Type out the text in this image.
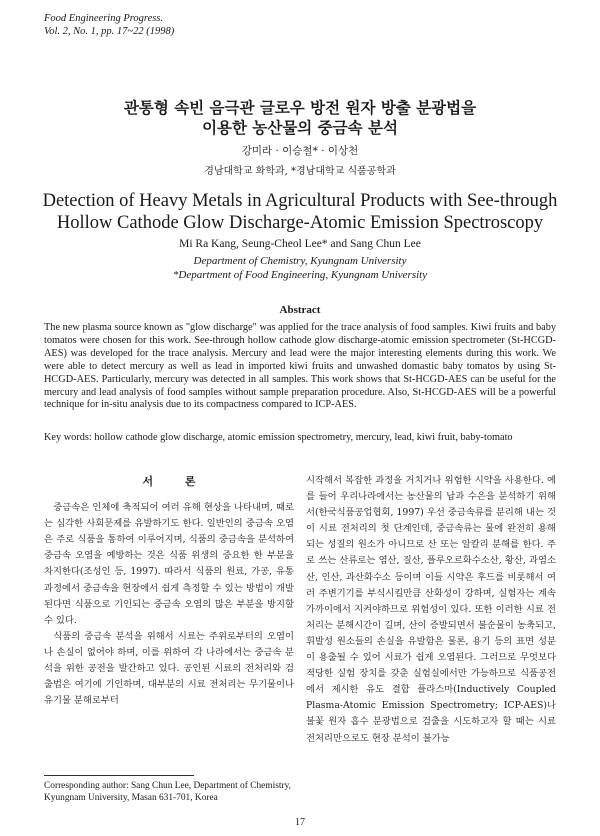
Food Engineering Progress.
Vol. 2, No. 1, pp. 17~22 (1998)
관통형 속빈 음극관 글로우 방전 원자 방출 분광법을
이용한 농산물의 중금속 분석
강미라 · 이승철* · 이상천
경남대학교 화학과, *경남대학교 식품공학과
Detection of Heavy Metals in Agricultural Products with See-through
Hollow Cathode Glow Discharge-Atomic Emission Spectroscopy
Mi Ra Kang, Seung-Cheol Lee* and Sang Chun Lee
Department of Chemistry, Kyungnam University
*Department of Food Engineering, Kyungnam University
Abstract

The new plasma source known as "glow discharge" was applied for the trace analysis of food samples. Kiwi fruits and baby tomatos were chosen for this work. See-through hollow cathode glow discharge-atomic emission spectrometer (St-HCGD-AES) was developed for the trace analysis. Mercury and lead were the major interesting elements during this work. We were able to detect mercury as well as lead in imported kiwi fruits and unwashed domastic baby tomatos by using St-HCGD-AES. Particularly, mercury was detected in all samples. This work shows that St-HCGD-AES can be useful for the mercury and lead analysis of food samples without sample preparation procedure. Also, St-HCGD-AES will be a powerful technique for in-situ analysis due to its compactness compared to ICP-AES.

Key words: hollow cathode glow discharge, atomic emission spectrometry, mercury, lead, kiwi fruit, baby-tomato
서 론

중금속은 인체에 축적되어 여러 유해 현상을 나타내며, 때로는 심각한 사회문제를 유발하기도 한다. 일반인의 중금속 오염은 주로 식품을 통하여 이루어지며, 식품의 중금속을 분석하여 중금속 오염을 예방하는 것은 식품 위생의 중요한 한 부분을 차지한다(조성인 등, 1997). 따라서 식품의 원료, 가공, 유통과정에서 중금속을 현장에서 쉽게 측정할 수 있는 방법이 개발된다면 식품으로 기인되는 중금속 오염의 많은 부분을 방지할 수 있다.

식품의 중금속 분석을 위해서 시료는 주위로부터의 오염이나 손실이 없어야 하며, 이를 위하여 각 나라에서는 중금속 분석을 위한 공전을 발간하고 있다. 공인된 시료의 전처리와 검출법은 여기에 기인하며, 대부분의 시료 전처리는 무기물이나 유기물 분해로부터

시작해서 복잡한 과정을 거치거나 위험한 시약을 사용한다. 예를 들어 우리나라에서는 농산물의 납과 수은을 분석하기 위해서(한국식품공업협회, 1997) 우선 중금속류를 분리해 내는 것이 시료 전처리의 첫 단계인데, 중금속류는 물에 완전히 용해되는 성질의 원소가 아니므로 산 또는 알칼리 분해를 한다. 주로 쓰는 산류로는 염산, 질산, 플루오르화수소산, 황산, 과염소산, 인산, 과산화수소 등이며 이들 시약은 후드를 비롯해서 여러 주변기기를 부식시킬만큼 산화성이 강하며, 실험자는 계속 가까이에서 지켜야하므로 위험성이 있다. 또한 이러한 시료 전처리는 분해시간이 길며, 산이 증발되면서 불순물이 농축되고, 휘발성 원소들의 손실을 유발함은 물론, 용기 등의 표면 성분이 용출될 수 있어 시료가 쉽게 오염된다. 그러므로 무엇보다 적당한 실험 장치를 갖춘 실험실에서만 가능하므로 식품공전에서 제시한 유도 결합 플라스마(Inductively Coupled Plasma-Atomic Emission Spectrometry; ICP-AES)나 불꽃 원자 흡수 분광법으로 검출을 시도하고자 할 때는 시료 전처리만으로도 현장 분석이 불가능

Corresponding author: Sang Chun Lee, Department of Chemistry, Kyungnam University, Masan 631-701, Korea
17
